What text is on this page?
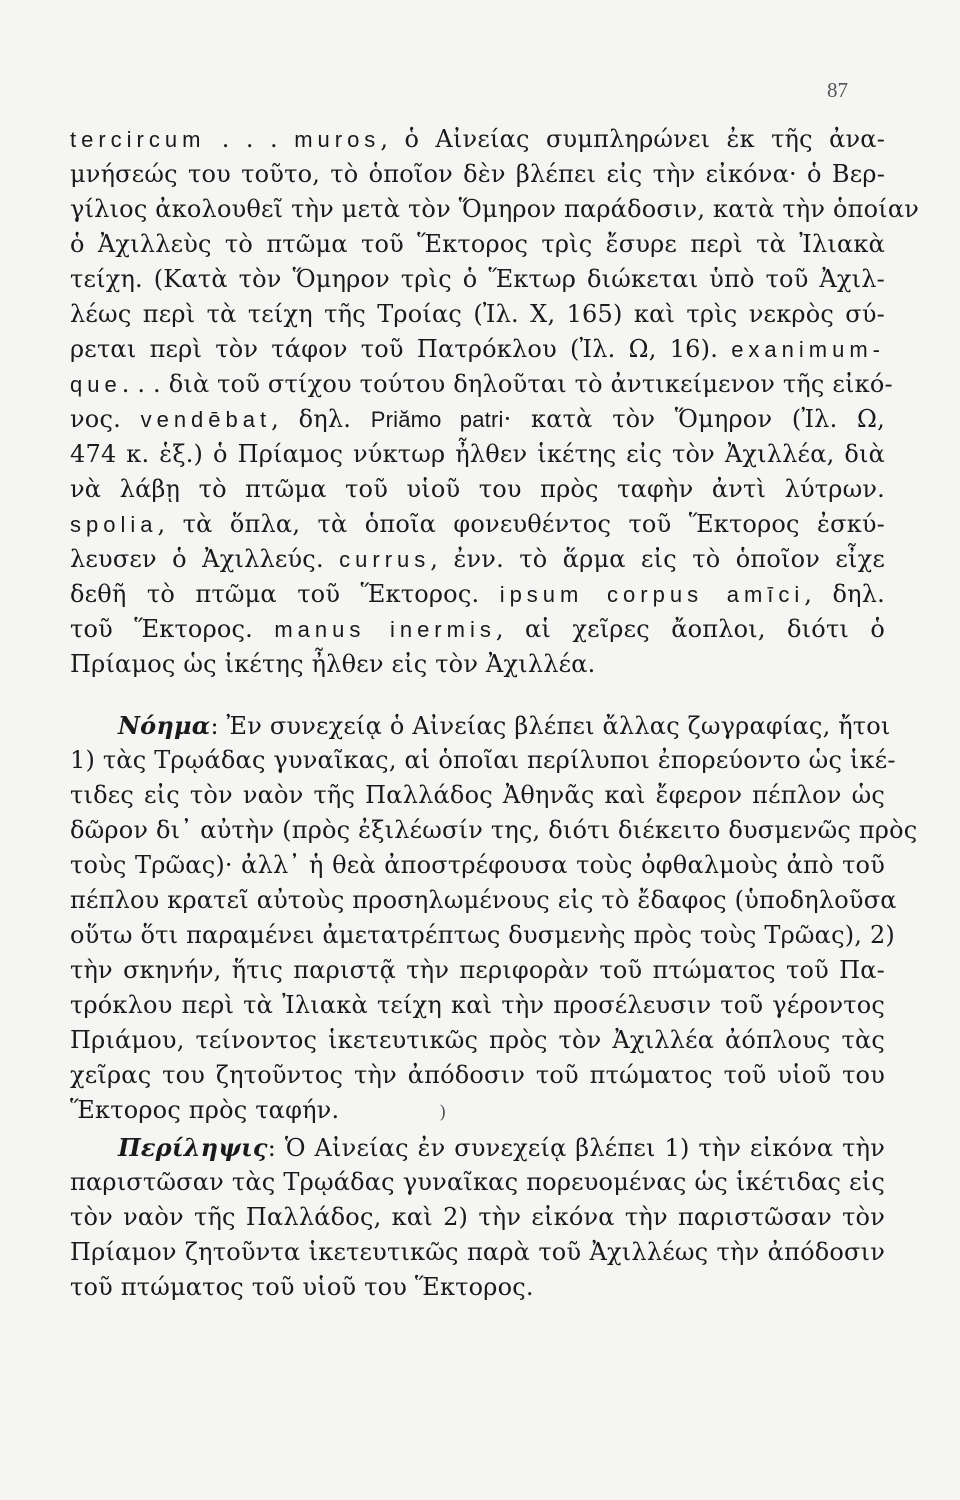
87
tercircum . . . muros, ὁ Αἰνείας συμπληρώνει ἐκ τῆς ἀνα-
μνήσεώς του τοῦτο, τὸ ὁποῖον δὲν βλέπει εἰς τὴν εἰκόνα· ὁ Βερ-
γίλιος ἀκολουθεῖ τὴν μετὰ τὸν Ὅμηρον παράδοσιν, κατὰ τὴν ὁποίαν
ὁ Ἀχιλλεὺς τὸ πτῶμα τοῦ Ἕκτορος τρὶς ἔσυρε περὶ τὰ Ἰλιακὰ
τείχη. (Κατὰ τὸν Ὅμηρον τρὶς ὁ Ἕκτωρ διώκεται ὑπὸ τοῦ Ἀχιλ-
λέως περὶ τὰ τείχη τῆς Τροίας (Ἰλ. Χ, 165) καὶ τρὶς νεκρὸς σύ-
ρεται περὶ τὸν τάφον τοῦ Πατρόκλου (Ἰλ. Ω, 16). exanimum-
que. . . διὰ τοῦ στίχου τούτου δηλοῦται τὸ ἀντικείμενον τῆς εἰκό-
νος. vendēbat, δηλ. Priămo patri· κατὰ τὸν Ὅμηρον (Ἰλ. Ω,
474 κ. ἑξ.) ὁ Πρίαμος νύκτωρ ἦλθεν ἱκέτης εἰς τὸν Ἀχιλλέα, διὰ
νὰ λάβῃ τὸ πτῶμα τοῦ υἱοῦ του πρὸς ταφὴν ἀντὶ λύτρων.
spolia, τὰ ὅπλα, τὰ ὁποῖα φονευθέντος τοῦ Ἕκτορος ἐσκύ-
λευσεν ὁ Ἀχιλλεύς. currus, ἐνν. τὸ ἅρμα εἰς τὸ ὁποῖον εἶχε
δεθῆ τὸ πτῶμα τοῦ Ἕκτορος. ipsum corpus amīci, δηλ.
τοῦ Ἕκτορος. manus inermis, αἱ χεῖρες ἄοπλοι, διότι ὁ
Πρίαμος ὡς ἱκέτης ἦλθεν εἰς τὸν Ἀχιλλέα.
Νόημα: Ἐν συνεχείᾳ ὁ Αἰνείας βλέπει ἄλλας ζωγραφίας, ἤτοι
1) τὰς Τρῳάδας γυναῖκας, αἱ ὁποῖαι περίλυποι ἐπορεύοντο ὡς ἱκέ-
τιδες εἰς τὸν ναὸν τῆς Παλλάδος Ἀθηνᾶς καὶ ἔφερον πέπλον ὡς
δῶρον δι᾽ αὐτὴν (πρὸς ἐξιλέωσίν της, διότι διέκειτο δυσμενῶς πρὸς
τοὺς Τρῶας)· ἀλλ᾽ ἡ θεὰ ἀποστρέφουσα τοὺς ὀφθαλμοὺς ἀπὸ τοῦ
πέπλου κρατεῖ αὐτοὺς προσηλωμένους εἰς τὸ ἔδαφος (ὑποδηλοῦσα
οὕτω ὅτι παραμένει ἀμετατρέπτως δυσμενὴς πρὸς τοὺς Τρῶας), 2)
τὴν σκηνήν, ἥτις παριστᾷ τὴν περιφορὰν τοῦ πτώματος τοῦ Πα-
τρόκλου περὶ τὰ Ἰλιακὰ τείχη καὶ τὴν προσέλευσιν τοῦ γέροντος
Πριάμου, τείνοντος ἱκετευτικῶς πρὸς τὸν Ἀχιλλέα ἀόπλους τὰς
χεῖρας του ζητοῦντος τὴν ἀπόδοσιν τοῦ πτώματος τοῦ υἱοῦ του
Ἕκτορος πρὸς ταφήν.	)
Περίληψις: Ὁ Αἰνείας ἐν συνεχείᾳ βλέπει 1) τὴν εἰκόνα τὴν
παριστῶσαν τὰς Τρῳάδας γυναῖκας πορευομένας ὡς ἱκέτιδας εἰς
τὸν ναὸν τῆς Παλλάδος, καὶ 2) τὴν εἰκόνα τὴν παριστῶσαν τὸν
Πρίαμον ζητοῦντα ἱκετευτικῶς παρὰ τοῦ Ἀχιλλέως τὴν ἀπόδοσιν
τοῦ πτώματος τοῦ υἱοῦ του Ἕκτορος.
